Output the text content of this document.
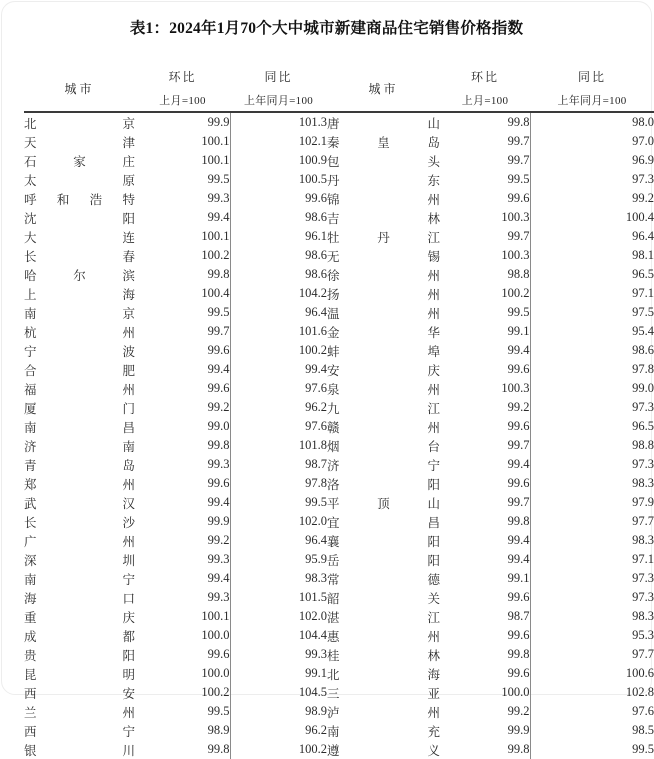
表1：2024年1月70个大中城市新建商品住宅销售价格指数
城市	环比	同比	城市	环比	同比
	上月=100	上年同月=100		上月=100	上年同月=100

北 京	99.9	101.3	唐 山	99.8	98.0

天 津	100.1	102.1	秦 皇 岛	99.7	97.0

石 家 庄	100.1	100.9	包 头	99.7	96.9

太 原	99.5	100.5	丹 东	99.5	97.3

呼 和 浩 特	99.3	99.6	锦 州	99.6	99.2

沈 阳	99.4	98.6	吉 林	100.3	100.4

大 连	100.1	96.1	牡 丹 江	99.7	96.4

长 春	100.2	98.6	无 锡	100.3	98.1

哈 尔 滨	99.8	98.6	徐 州	98.8	96.5

上 海	100.4	104.2	扬 州	100.2	97.1

南 京	99.5	96.4	温 州	99.5	97.5

杭 州	99.7	101.6	金 华	99.1	95.4

宁 波	99.6	100.2	蚌 埠	99.4	98.6

合 肥	99.4	99.4	安 庆	99.6	97.8

福 州	99.6	97.6	泉 州	100.3	99.0

厦 门	99.2	96.2	九 江	99.2	97.3

南 昌	99.0	97.6	赣 州	99.6	96.5

济 南	99.8	101.8	烟 台	99.7	98.8

青 岛	99.3	98.7	济 宁	99.4	97.3

郑 州	99.6	97.8	洛 阳	99.6	98.3

武 汉	99.4	99.5	平 顶 山	99.7	97.9

长 沙	99.9	102.0	宜 昌	99.8	97.7

广 州	99.2	96.4	襄 阳	99.4	98.3

深 圳	99.3	95.9	岳 阳	99.4	97.1

南 宁	99.4	98.3	常 德	99.1	97.3

海 口	99.3	101.5	韶 关	99.6	97.3

重 庆	100.1	102.0	湛 江	98.7	98.3

成 都	100.0	104.4	惠 州	99.6	95.3

贵 阳	99.6	99.3	桂 林	99.8	97.7

昆 明	100.0	99.1	北 海	99.6	100.6

西 安	100.2	104.5	三 亚	100.0	102.8

兰 州	99.5	98.9	泸 州	99.2	97.6

西 宁	98.9	96.2	南 充	99.9	98.5

银 川	99.8	100.2	遵 义	99.8	99.5
